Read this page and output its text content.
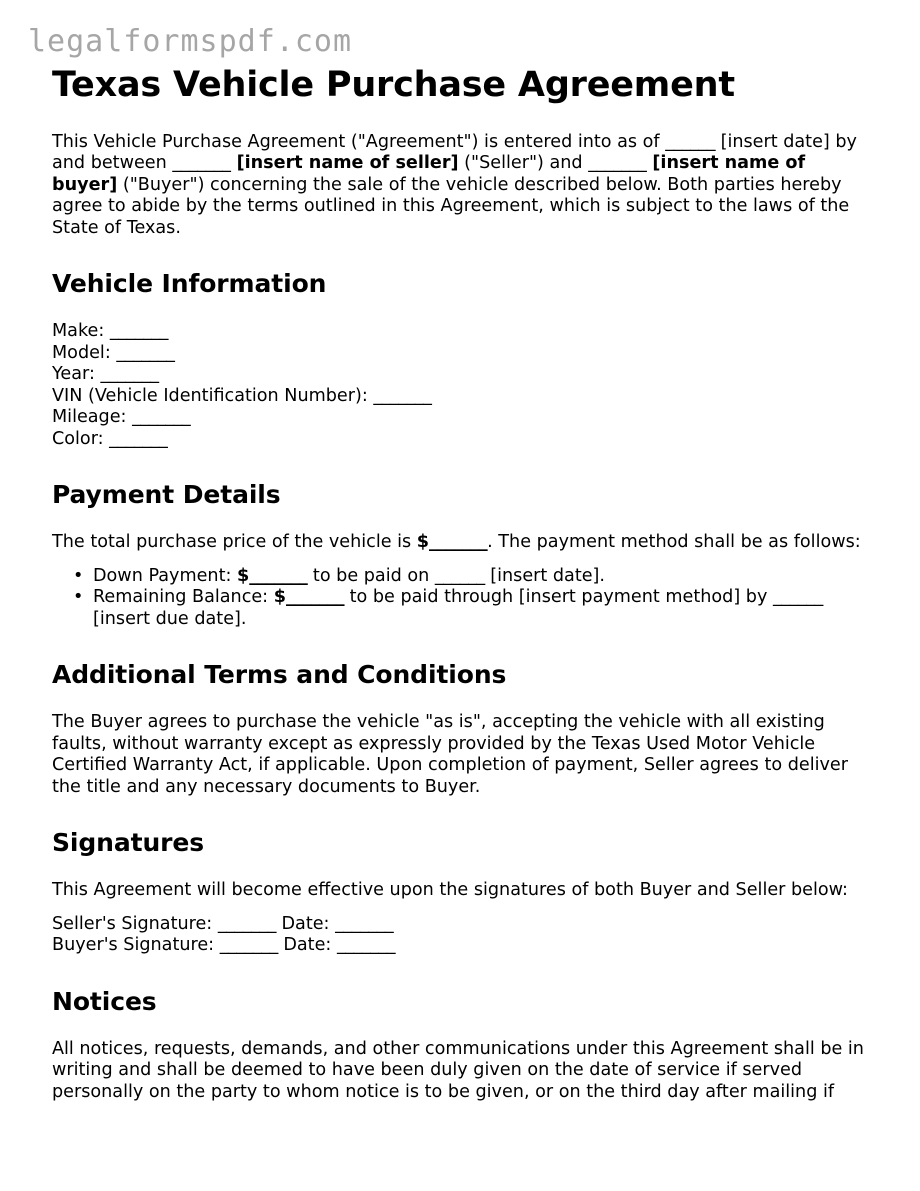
legalformspdf.com
Texas Vehicle Purchase Agreement

This Vehicle Purchase Agreement ("Agreement") is entered into as of ______ [insert date] by and between _______ [insert name of seller] ("Seller") and _______ [insert name of buyer] ("Buyer") concerning the sale of the vehicle described below. Both parties hereby agree to abide by the terms outlined in this Agreement, which is subject to the laws of the State of Texas.

Vehicle Information
Make: _______
Model: _______
Year: _______
VIN (Vehicle Identification Number): _______
Mileage: _______
Color: _______
Payment Details

The total purchase price of the vehicle is $_______. The payment method shall be as follows:

• Down Payment: $_______ to be paid on ______ [insert date].
• Remaining Balance: $_______ to be paid through [insert payment method] by ______ [insert due date].
Additional Terms and Conditions

The Buyer agrees to purchase the vehicle "as is", accepting the vehicle with all existing faults, without warranty except as expressly provided by the Texas Used Motor Vehicle Certified Warranty Act, if applicable. Upon completion of payment, Seller agrees to deliver the title and any necessary documents to Buyer.

Signatures

This Agreement will become effective upon the signatures of both Buyer and Seller below:

Seller's Signature: _______ Date: _______
Buyer's Signature: _______ Date: _______
Notices

All notices, requests, demands, and other communications under this Agreement shall be in writing and shall be deemed to have been duly given on the date of service if served personally on the party to whom notice is to be given, or on the third day after mailing if
